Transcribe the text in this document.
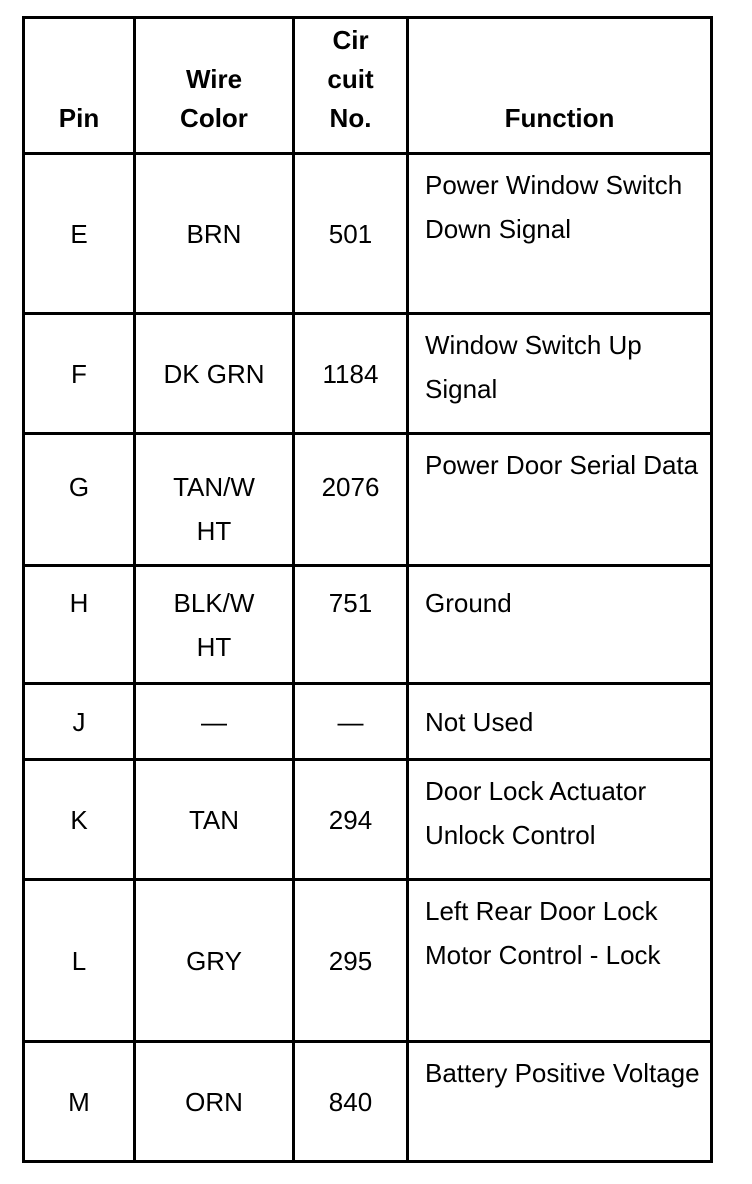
Pin	Wire Color	Cir cuit No.	Function
E	BRN	501	Power Window Switch Down Signal
F	DK GRN	1184	Window Switch Up Signal
G	TAN/WHT	2076	Power Door Serial Data
H	BLK/WHT	751	Ground
J	—	—	Not Used
K	TAN	294	Door Lock Actuator Unlock Control
L	GRY	295	Left Rear Door Lock Motor Control - Lock
M	ORN	840	Battery Positive Voltage
